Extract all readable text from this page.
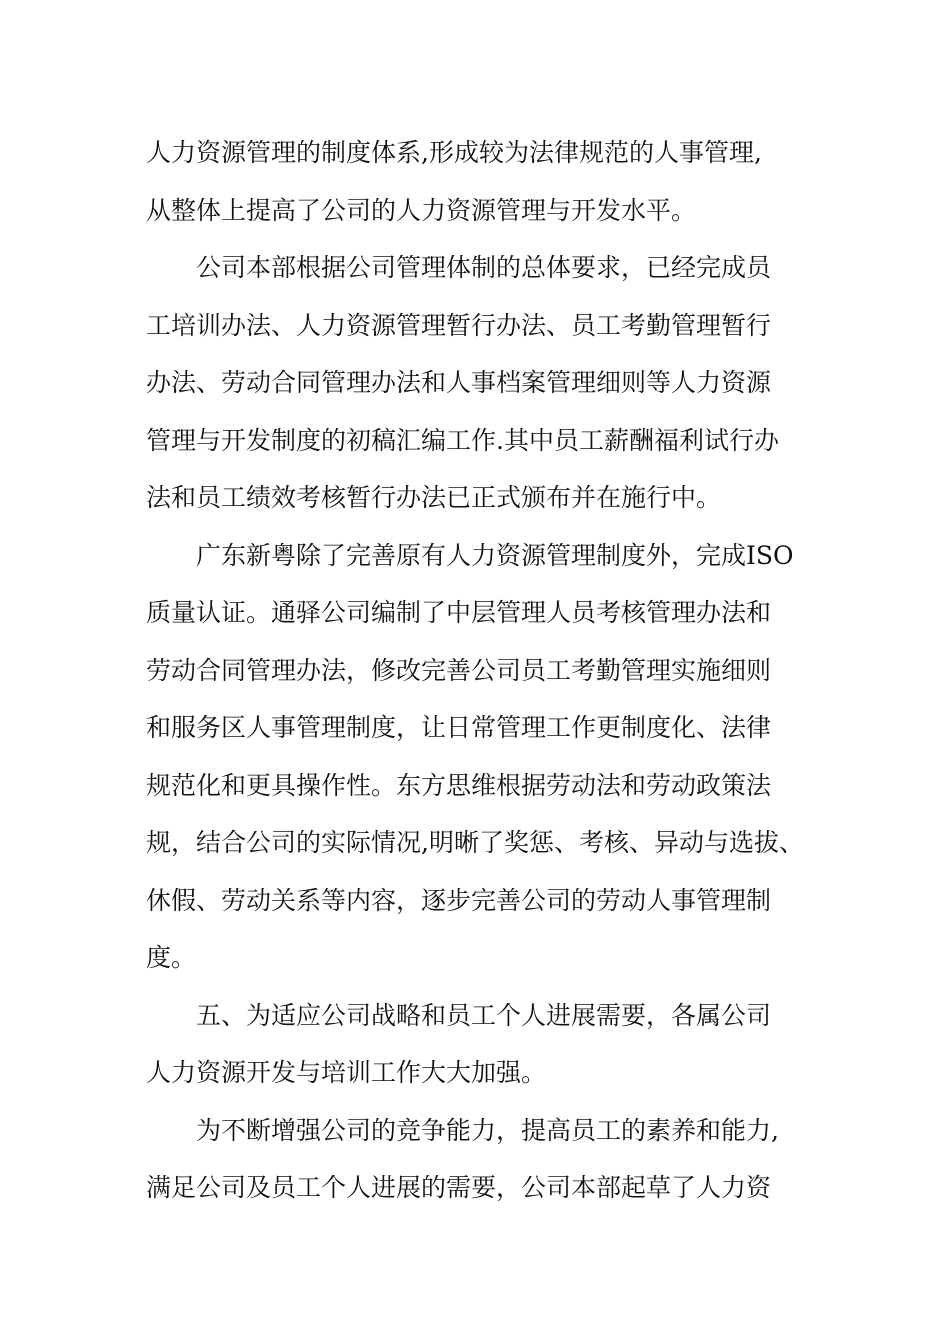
人力资源管理的制度体系,形成较为法律规范的人事管理,
从整体上提高了公司的人力资源管理与开发水平。
公司本部根据公司管理体制的总体要求，已经完成员
工培训办法、人力资源管理暂行办法、员工考勤管理暂行
办法、劳动合同管理办法和人事档案管理细则等人力资源
管理与开发制度的初稿汇编工作.其中员工薪酬福利试行办
法和员工绩效考核暂行办法已正式颁布并在施行中。
广东新粤除了完善原有人力资源管理制度外，完成ISO
质量认证。通驿公司编制了中层管理人员考核管理办法和
劳动合同管理办法，修改完善公司员工考勤管理实施细则
和服务区人事管理制度，让日常管理工作更制度化、法律
规范化和更具操作性。东方思维根据劳动法和劳动政策法
规，结合公司的实际情况,明晰了奖惩、考核、异动与选拔、
休假、劳动关系等内容，逐步完善公司的劳动人事管理制
度。
五、为适应公司战略和员工个人进展需要，各属公司
人力资源开发与培训工作大大加强。
为不断增强公司的竞争能力，提高员工的素养和能力,
满足公司及员工个人进展的需要，公司本部起草了人力资
